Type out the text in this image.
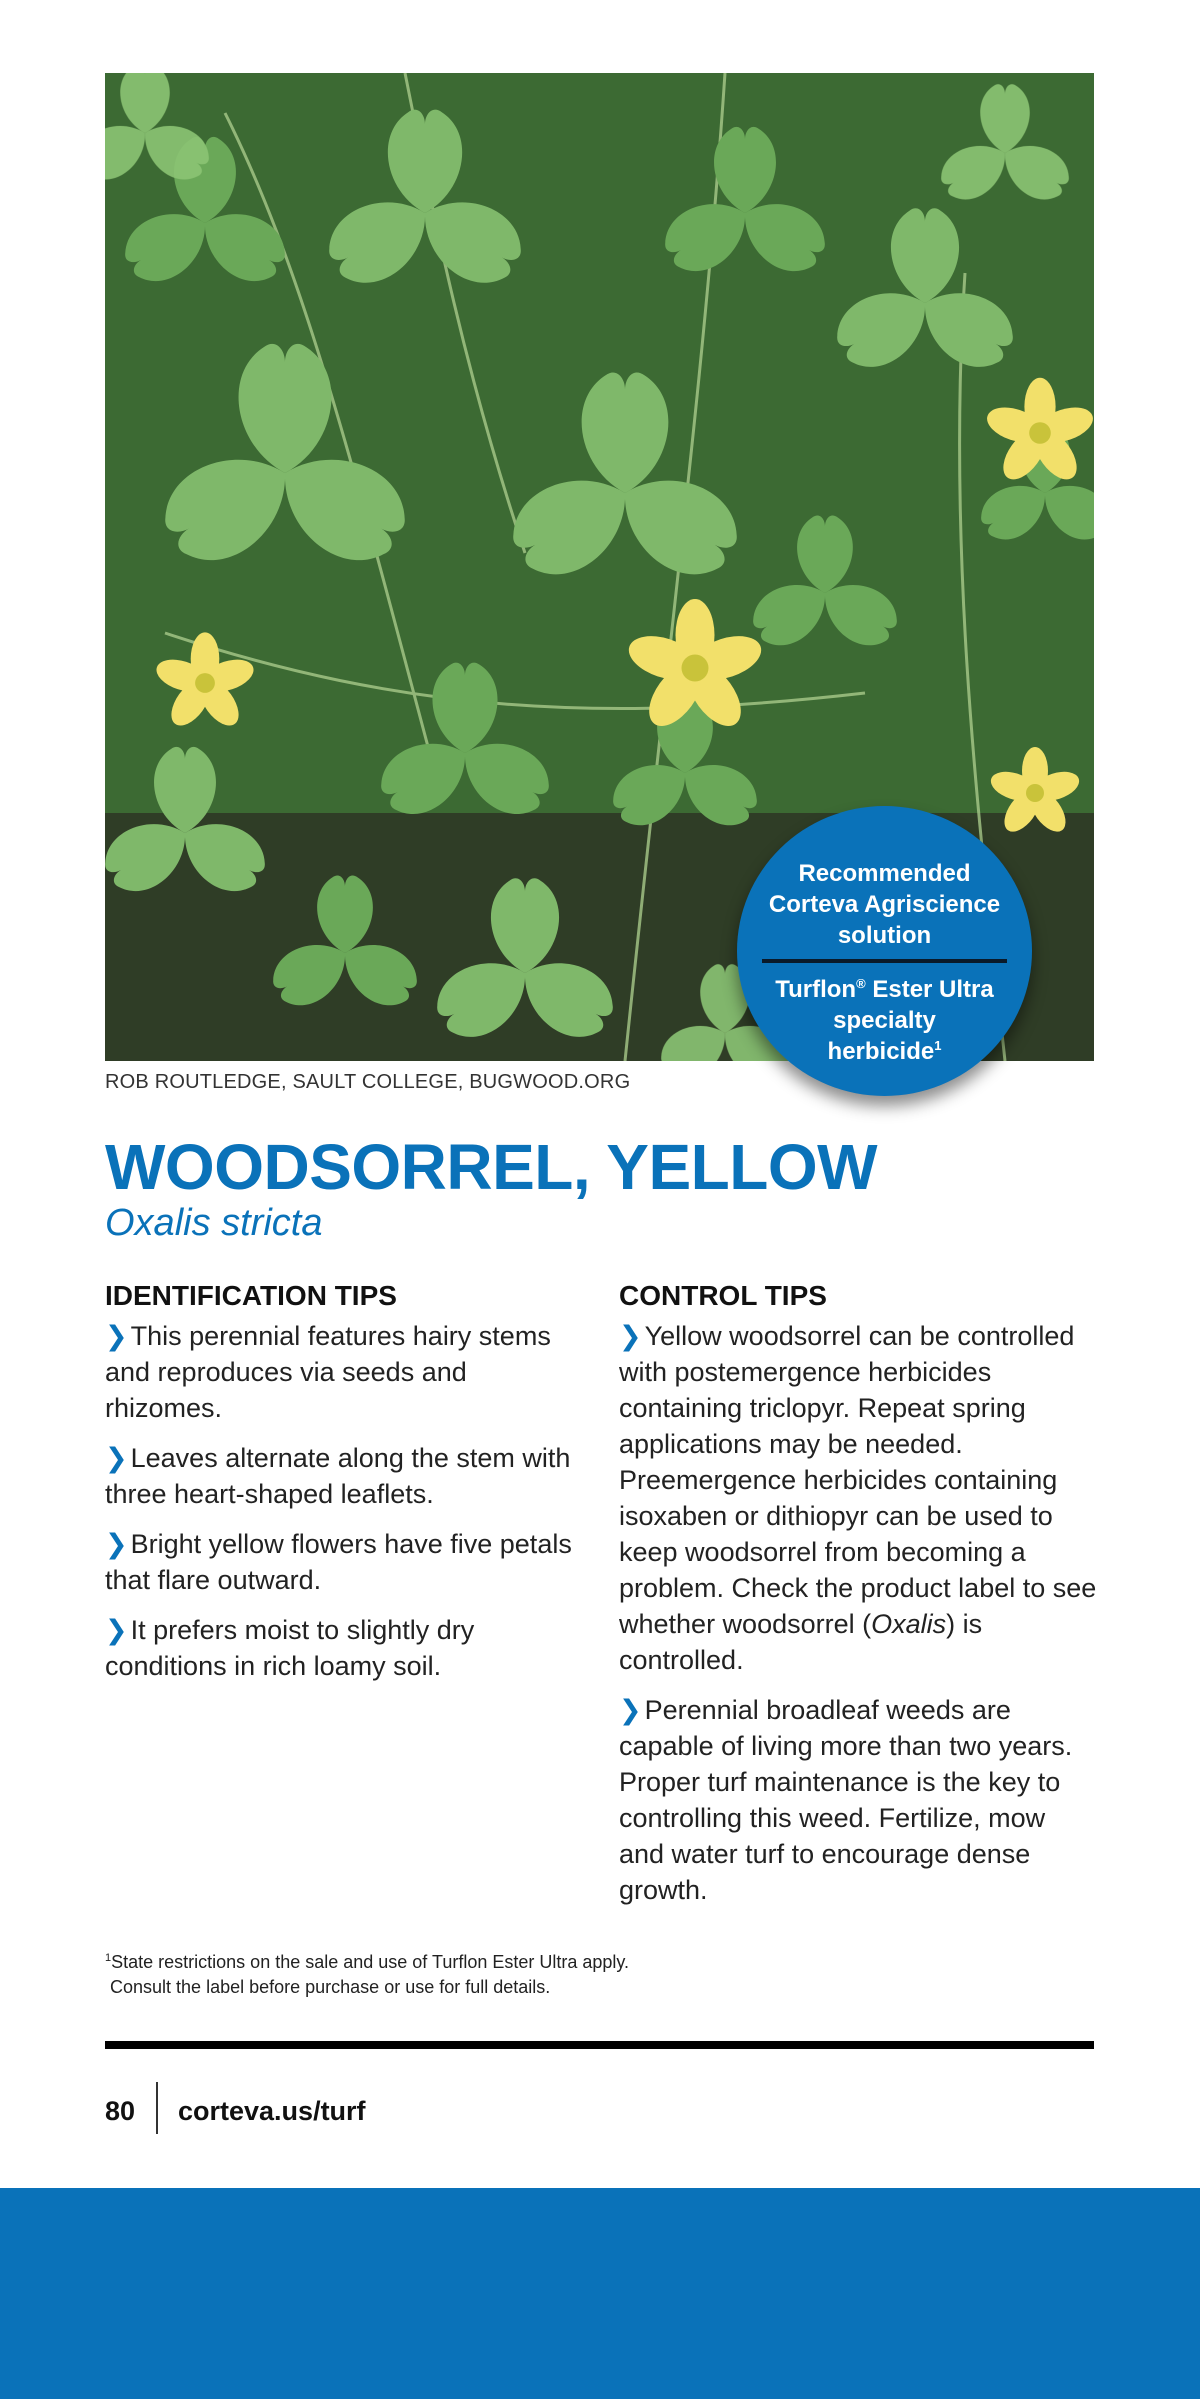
Recommended
Corteva Agriscience
solution
Turflon® Ester Ultra
specialty
herbicide$^1$
ROB ROUTLEDGE, SAULT COLLEGE, BUGWOOD.ORG
WOODSORREL, YELLOW
Oxalis stricta
IDENTIFICATION TIPS

❯ This perennial features hairy stems and reproduces via seeds and rhizomes.

❯ Leaves alternate along the stem with three heart-shaped leaflets.

❯ Bright yellow flowers have five petals that flare outward.

❯ It prefers moist to slightly dry conditions in rich loamy soil.

CONTROL TIPS

❯ Yellow woodsorrel can be controlled with postemergence herbicides containing triclopyr. Repeat spring applications may be needed. Preemergence herbicides containing isoxaben or dithiopyr can be used to keep woodsorrel from becoming a problem. Check the product label to see whether woodsorrel (Oxalis) is controlled.

❯ Perennial broadleaf weeds are capable of living more than two years. Proper turf maintenance is the key to controlling this weed. Fertilize, mow and water turf to encourage dense growth.

$^1$State restrictions on the sale and use of Turflon Ester Ultra apply.
Consult the label before purchase or use for full details.
80 corteva.us/turf
